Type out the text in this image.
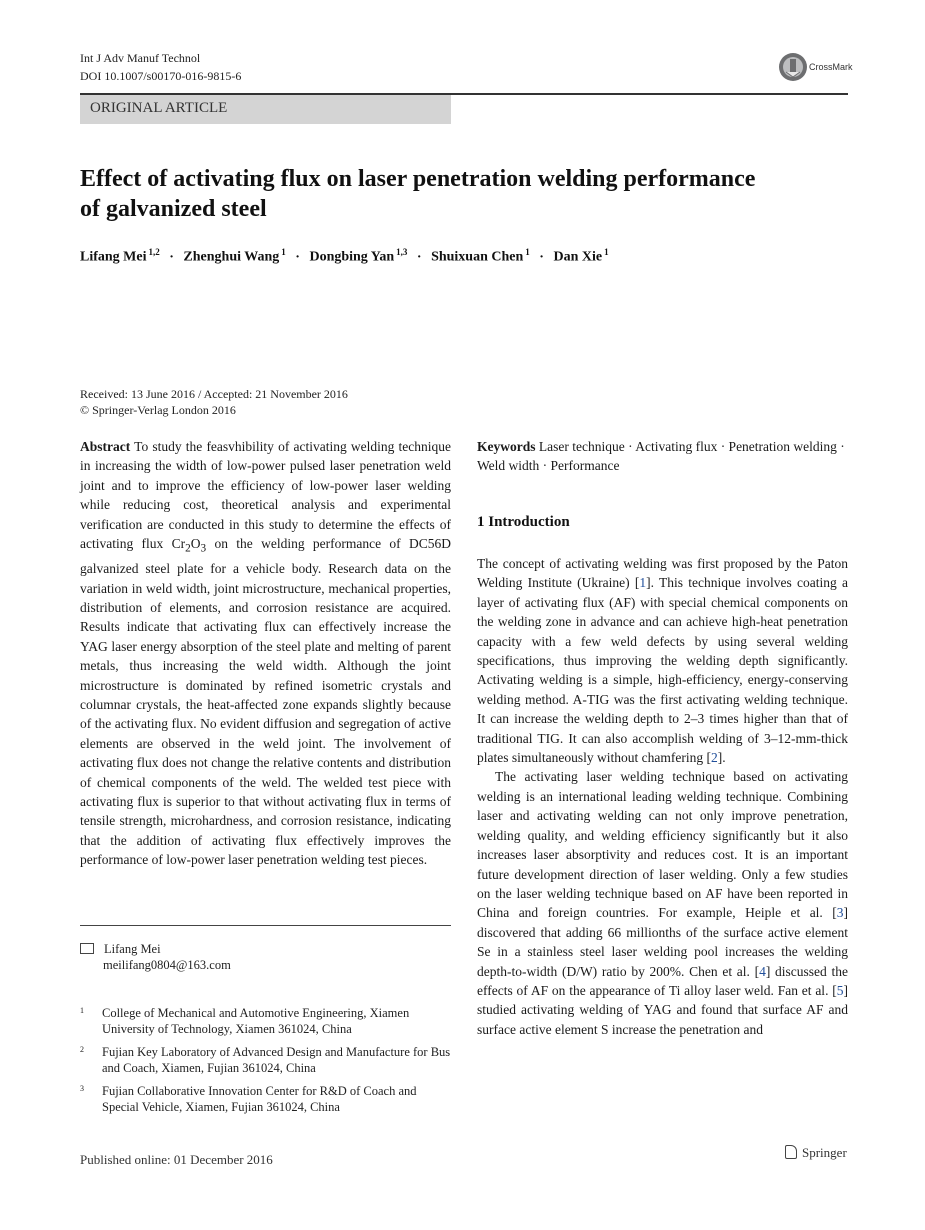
Int J Adv Manuf Technol
DOI 10.1007/s00170-016-9815-6
CrossMark
ORIGINAL ARTICLE
Effect of activating flux on laser penetration welding performance
of galvanized steel
Lifang Mei $^{1,2}$ · Zhenghui Wang $^1$ · Dongbing Yan $^{1,3}$ · Shuixuan Chen $^1$ · Dan Xie $^1$
Received: 13 June 2016 / Accepted: 21 November 2016
© Springer-Verlag London 2016
Abstract To study the feasvhibility of activating welding technique in increasing the width of low-power pulsed laser penetration weld joint and to improve the efficiency of low-power laser welding while reducing cost, theoretical analysis and experimental verification are conducted in this study to determine the effects of activating flux $Cr_2O_3$ on the welding performance of DC56D galvanized steel plate for a vehicle body. Research data on the variation in weld width, joint microstructure, mechanical properties, distribution of elements, and corrosion resistance are acquired. Results indicate that activating flux can effectively increase the YAG laser energy absorption of the steel plate and melting of parent metals, thus increasing the weld width. Although the joint microstructure is dominated by refined isometric crystals and columnar crystals, the heat-affected zone expands slightly because of the activating flux. No evident diffusion and segregation of active elements are observed in the weld joint. The involvement of activating flux does not change the relative contents and distribution of chemical components of the weld. The welded test piece with activating flux is superior to that without activating flux in terms of tensile strength, microhardness, and corrosion resistance, indicating that the addition of activating flux effectively improves the performance of low-power laser penetration welding test pieces.
Keywords Laser technique · Activating flux · Penetration welding · Weld width · Performance
1 Introduction

The concept of activating welding was first proposed by the Paton Welding Institute (Ukraine) [1]. This technique involves coating a layer of activating flux (AF) with special chemical components on the welding zone in advance and can achieve high-heat penetration capacity with a few weld defects by using several welding specifications, thus improving the welding depth significantly. Activating welding is a simple, high-efficiency, energy-conserving welding method. A-TIG was the first activating welding technique. It can increase the welding depth to 2–3 times higher than that of traditional TIG. It can also accomplish welding of 3–12-mm-thick plates simultaneously without chamfering [2].

The activating laser welding technique based on activating welding is an international leading welding technique. Combining laser and activating welding can not only improve penetration, welding quality, and welding efficiency significantly but it also increases laser absorptivity and reduces cost. It is an important future development direction of laser welding. Only a few studies on the laser welding technique based on AF have been reported in China and foreign countries. For example, Heiple et al. [3] discovered that adding 66 millionths of the surface active element Se in a stainless steel laser welding pool increases the welding depth-to-width (D/W) ratio by 200%. Chen et al. [4] discussed the effects of AF on the appearance of Ti alloy laser weld. Fan et al. [5] studied activating welding of YAG and found that surface AF and surface active element S increase the penetration and

Lifang Mei
meilifang0804@163.com
1 College of Mechanical and Automotive Engineering, Xiamen University of Technology, Xiamen 361024, China
2 Fujian Key Laboratory of Advanced Design and Manufacture for Bus and Coach, Xiamen, Fujian 361024, China
3 Fujian Collaborative Innovation Center for R&D of Coach and Special Vehicle, Xiamen, Fujian 361024, China
Published online: 01 December 2016	Springer
